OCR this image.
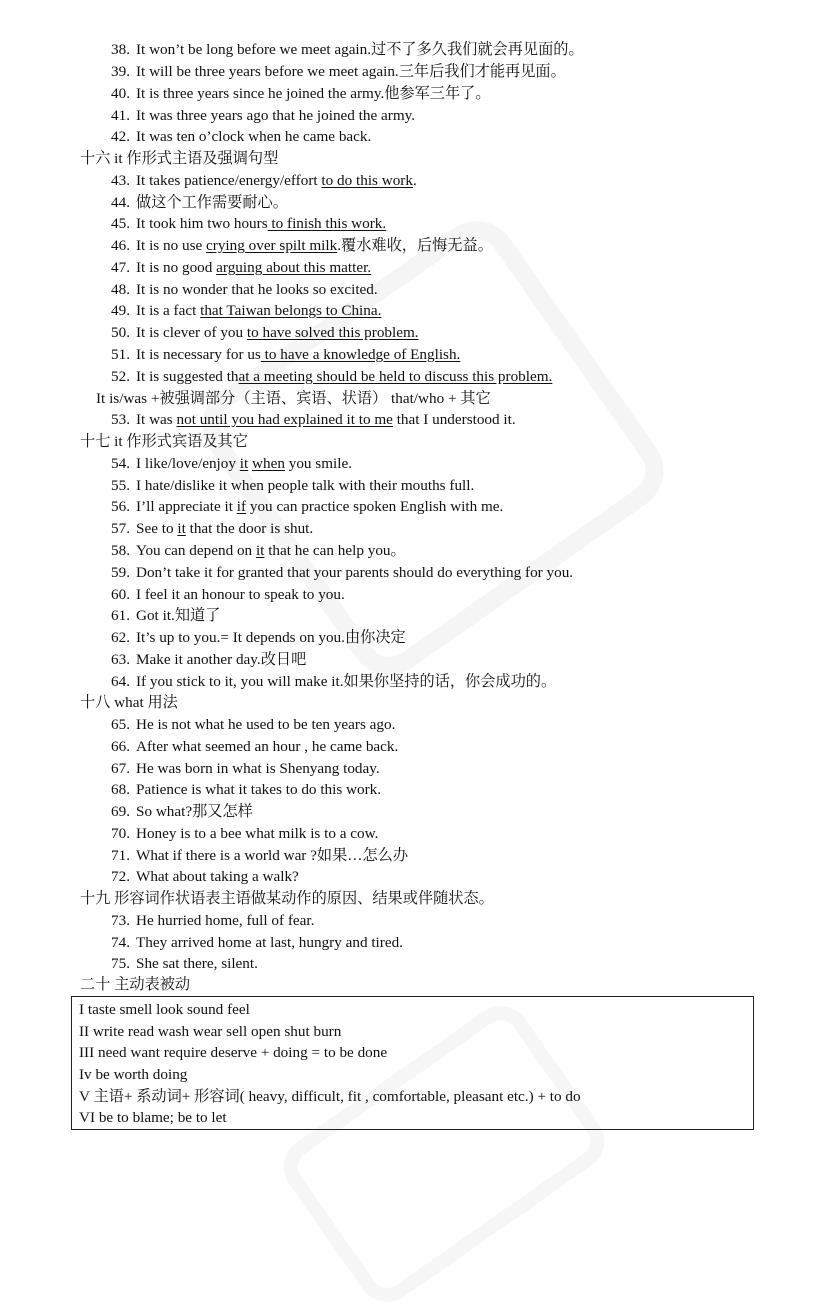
38. It won’t be long before we meet again.过不了多久我们就会再见面的。
39. It will be three years before we meet again.三年后我们才能再见面。
40. It is three years since he joined the army.他参军三年了。
41. It was three years ago that he joined the army.
42. It was ten o’clock when he came back.
十六 it 作形式主语及强调句型
43. It takes patience/energy/effort to do this work.
44. 做这个工作需要耐心。
45. It took him two hours to finish this work.
46. It is no use crying over spilt milk.覆水难收，后悔无益。
47. It is no good arguing about this matter.
48. It is no wonder that he looks so excited.
49. It is a fact that Taiwan belongs to China.
50. It is clever of you to have solved this problem.
51. It is necessary for us to have a knowledge of English.
52. It is suggested that a meeting should be held to discuss this problem.
It is/was +被强调部分（主语、宾语、状语） that/who + 其它
53. It was not until you had explained it to me that I understood it.
十七 it 作形式宾语及其它
54. I like/love/enjoy it when you smile.
55. I hate/dislike it when people talk with their mouths full.
56. I’ll appreciate it if you can practice spoken English with me.
57. See to it that the door is shut.
58. You can depend on it that he can help you。
59. Don’t take it for granted that your parents should do everything for you.
60. I feel it an honour to speak to you.
61. Got it.知道了
62. It’s up to you.= It depends on you.由你决定
63. Make it another day.改日吧
64. If you stick to it, you will make it.如果你坚持的话，你会成功的。
十八 what 用法
65. He is not what he used to be ten years ago.
66. After what seemed an hour , he came back.
67. He was born in what is Shenyang today.
68. Patience is what it takes to do this work.
69. So what?那又怎样
70. Honey is to a bee what milk is to a cow.
71. What if there is a world war ?如果…怎么办
72. What about taking a walk?
十九 形容词作状语表主语做某动作的原因、结果或伴随状态。
73. He hurried home, full of fear.
74. They arrived home at last, hungry and tired.
75. She sat there, silent.
二十 主动表被动
I taste smell look sound feel
II write read wash wear sell open shut burn
III need want require deserve + doing = to be done
Iv be worth doing
V 主语+ 系动词+ 形容词( heavy, difficult, fit , comfortable, pleasant etc.) + to do
VI be to blame; be to let
